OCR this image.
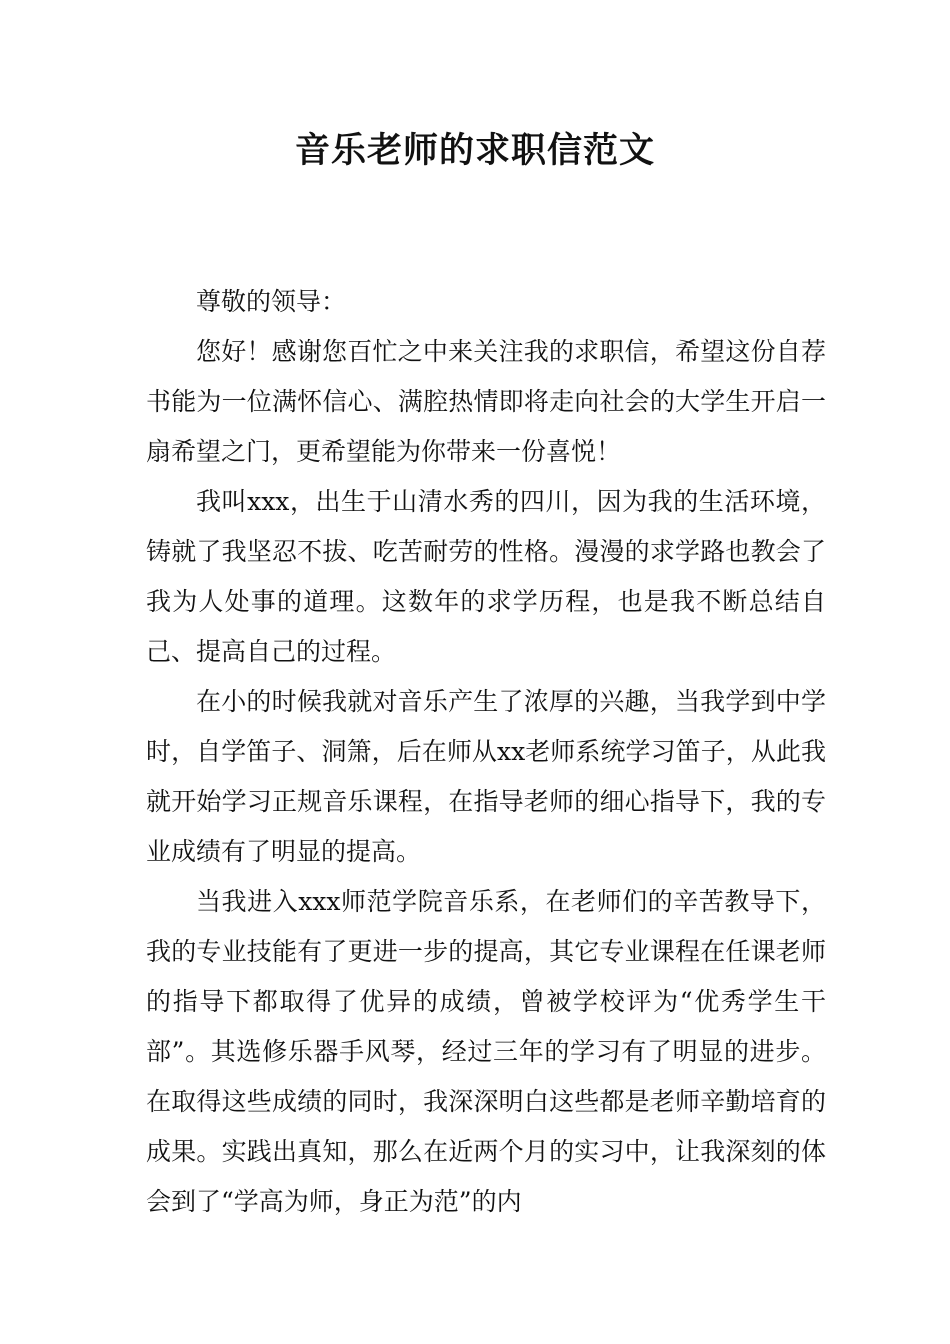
音乐老师的求职信范文

尊敬的领导：

您好！感谢您百忙之中来关注我的求职信，希望这份自荐书能为一位满怀信心、满腔热情即将走向社会的大学生开启一扇希望之门，更希望能为你带来一份喜悦！

我叫xxx，出生于山清水秀的四川，因为我的生活环境，铸就了我坚忍不拔、吃苦耐劳的性格。漫漫的求学路也教会了我为人处事的道理。这数年的求学历程，也是我不断总结自己、提高自己的过程。

在小的时候我就对音乐产生了浓厚的兴趣，当我学到中学时，自学笛子、洞箫，后在师从xx老师系统学习笛子，从此我就开始学习正规音乐课程，在指导老师的细心指导下，我的专业成绩有了明显的提高。

当我进入xxx师范学院音乐系，在老师们的辛苦教导下，我的专业技能有了更进一步的提高，其它专业课程在任课老师的指导下都取得了优异的成绩，曾被学校评为“优秀学生干部”。其选修乐器手风琴，经过三年的学习有了明显的进步。在取得这些成绩的同时，我深深明白这些都是老师辛勤培育的成果。实践出真知，那么在近两个月的实习中，让我深刻的体会到了“学高为师，身正为范”的内
